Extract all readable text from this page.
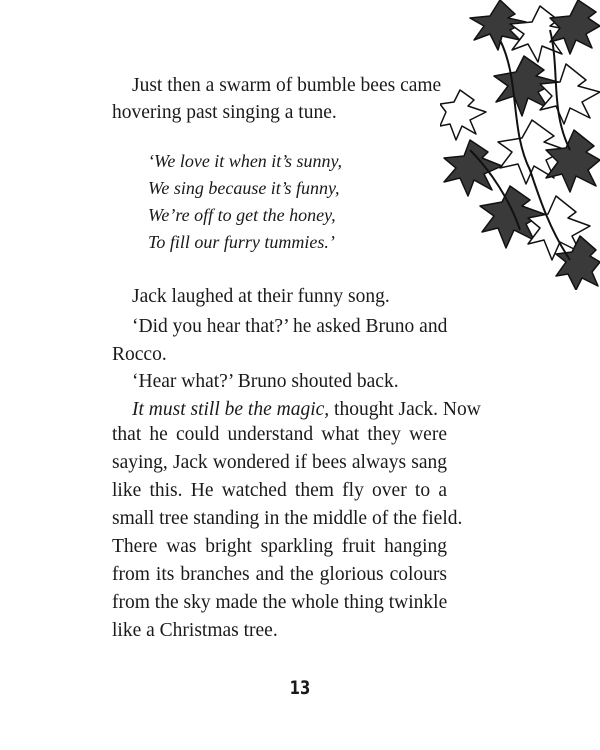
Just then a swarm of bumble bees came
hovering past singing a tune.
‘We love it when it’s sunny,
We sing because it’s funny,
We’re off to get the honey,
To fill our furry tummies.’
Jack laughed at their funny song.
‘Did you hear that?’ he asked Bruno and
Rocco.
‘Hear what?’ Bruno shouted back.
It must still be the magic, thought Jack. Now
that he could understand what they were
saying, Jack wondered if bees always sang
like this. He watched them fly over to a
small tree standing in the middle of the field.
There was bright sparkling fruit hanging
from its branches and the glorious colours
from the sky made the whole thing twinkle
like a Christmas tree.
13
